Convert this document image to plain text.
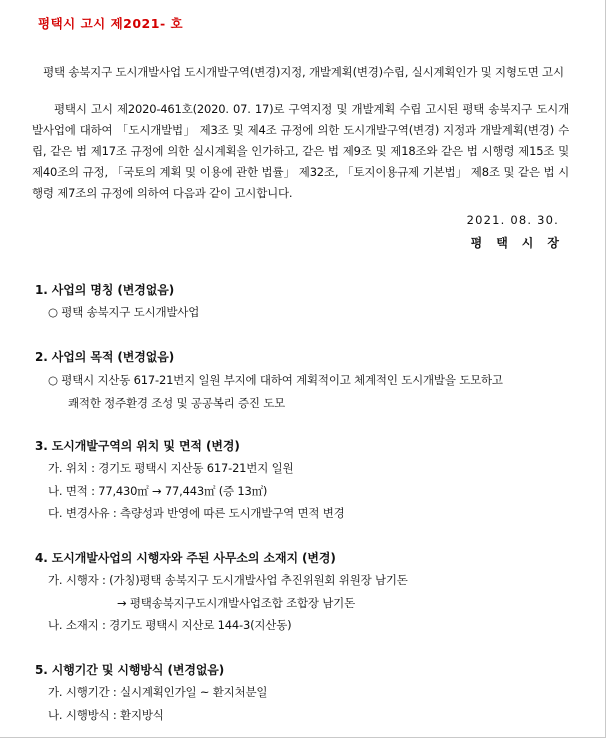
평택시 고시 제2021- 호
평택 송북지구 도시개발사업 도시개발구역(변경)지정, 개발계획(변경)수립, 실시계획인가 및 지형도면 고시
평택시 고시 제2020-461호(2020. 07. 17)로 구역지정 및 개발계획 수립 고시된 평택 송북지구 도시개발사업에 대하여 「도시개발법」 제3조 및 제4조 규정에 의한 도시개발구역(변경) 지정과 개발계획(변경) 수립, 같은 법 제17조 규정에 의한 실시계획을 인가하고, 같은 법 제9조 및 제18조와 같은 법 시행령 제15조 및 제40조의 규정, 「국토의 계획 및 이용에 관한 법률」 제32조, 「토지이용규제 기본법」 제8조 및 같은 법 시행령 제7조의 규정에 의하여 다음과 같이 고시합니다.
2021. 08. 30.
평택시장
1. 사업의 명칭 (변경없음)
○ 평택 송북지구 도시개발사업
2. 사업의 목적 (변경없음)
○ 평택시 지산동 617-21번지 일원 부지에 대하여 계획적이고 체계적인 도시개발을 도모하고
쾌적한 정주환경 조성 및 공공복리 증진 도모
3. 도시개발구역의 위치 및 면적 (변경)
가. 위치 : 경기도 평택시 지산동 617-21번지 일원
나. 면적 : 77,430㎡ → 77,443㎡ (증 13㎡)
다. 변경사유 : 측량성과 반영에 따른 도시개발구역 면적 변경
4. 도시개발사업의 시행자와 주된 사무소의 소재지 (변경)
가. 시행자 : (가칭)평택 송북지구 도시개발사업 추진위원회 위원장 남기돈
→ 평택송북지구도시개발사업조합 조합장 남기돈
나. 소재지 : 경기도 평택시 지산로 144-3(지산동)
5. 시행기간 및 시행방식 (변경없음)
가. 시행기간 : 실시계획인가일 ~ 환지처분일
나. 시행방식 : 환지방식
